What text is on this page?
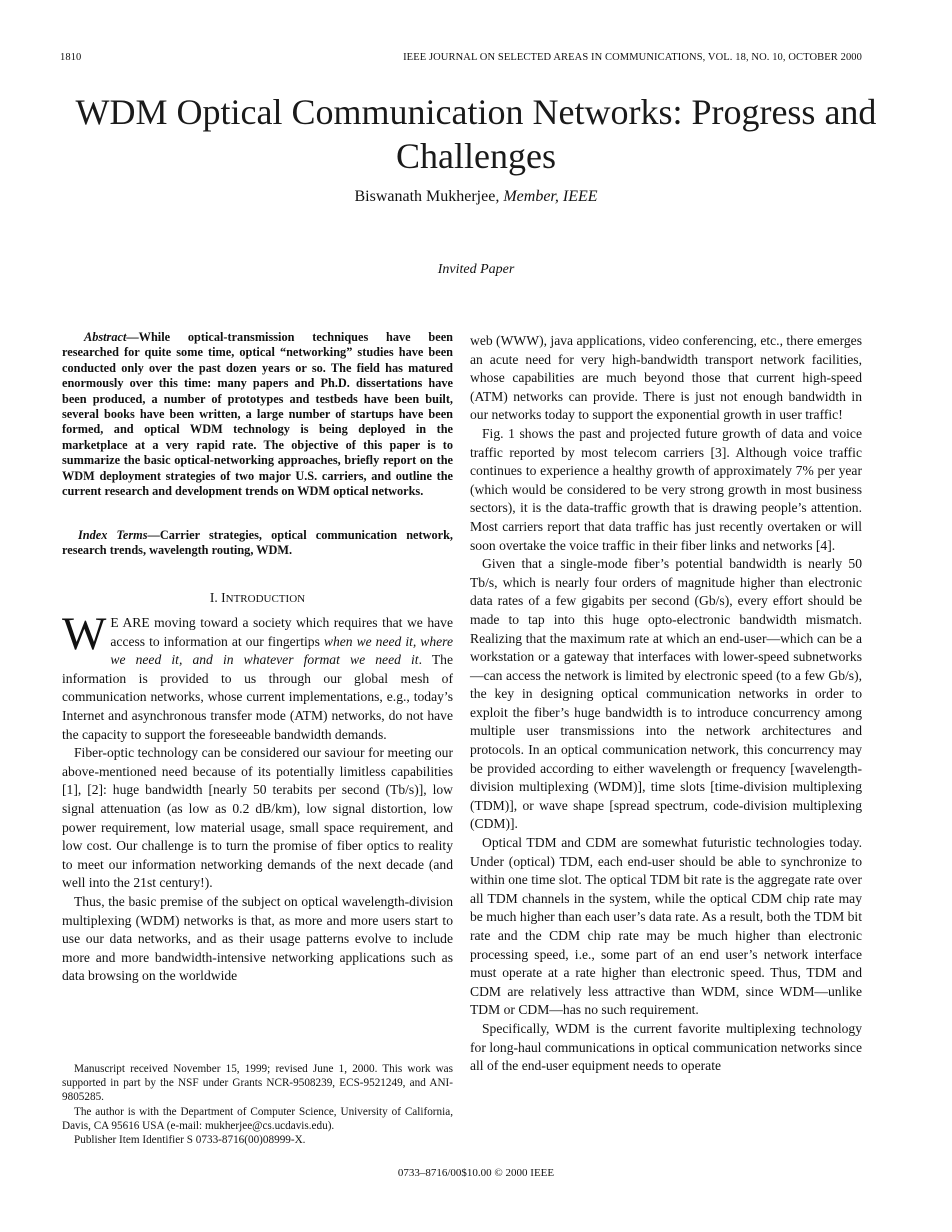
1810	IEEE JOURNAL ON SELECTED AREAS IN COMMUNICATIONS, VOL. 18, NO. 10, OCTOBER 2000
WDM Optical Communication Networks: Progress and Challenges
Biswanath Mukherjee, Member, IEEE
Invited Paper
Abstract—While optical-transmission techniques have been researched for quite some time, optical “networking” studies have been conducted only over the past dozen years or so. The field has matured enormously over this time: many papers and Ph.D. dissertations have been produced, a number of prototypes and testbeds have been built, several books have been written, a large number of startups have been formed, and optical WDM technology is being deployed in the marketplace at a very rapid rate. The objective of this paper is to summarize the basic optical-networking approaches, briefly report on the WDM deployment strategies of two major U.S. carriers, and outline the current research and development trends on WDM optical networks.
Index Terms—Carrier strategies, optical communication network, research trends, wavelength routing, WDM.
I. INTRODUCTION

W E ARE moving toward a society which requires that we have access to information at our fingertips when we need it, where we need it, and in whatever format we need it. The information is provided to us through our global mesh of communication networks, whose current implementations, e.g., today’s Internet and asynchronous transfer mode (ATM) networks, do not have the capacity to support the foreseeable bandwidth demands.

Fiber-optic technology can be considered our saviour for meeting our above-mentioned need because of its potentially limitless capabilities [1], [2]: huge bandwidth [nearly 50 terabits per second (Tb/s)], low signal attenuation (as low as 0.2 dB/km), low signal distortion, low power requirement, low material usage, small space requirement, and low cost. Our challenge is to turn the promise of fiber optics to reality to meet our information networking demands of the next decade (and well into the 21st century!).

Thus, the basic premise of the subject on optical wavelength-division multiplexing (WDM) networks is that, as more and more users start to use our data networks, and as their usage patterns evolve to include more and more bandwidth-intensive networking applications such as data browsing on the worldwide

Manuscript received November 15, 1999; revised June 1, 2000. This work was supported in part by the NSF under Grants NCR-9508239, ECS-9521249, and ANI-9805285.

The author is with the Department of Computer Science, University of California, Davis, CA 95616 USA (e-mail: mukherjee@cs.ucdavis.edu).

Publisher Item Identifier S 0733-8716(00)08999-X.

web (WWW), java applications, video conferencing, etc., there emerges an acute need for very high-bandwidth transport network facilities, whose capabilities are much beyond those that current high-speed (ATM) networks can provide. There is just not enough bandwidth in our networks today to support the exponential growth in user traffic!

Fig. 1 shows the past and projected future growth of data and voice traffic reported by most telecom carriers [3]. Although voice traffic continues to experience a healthy growth of approximately 7% per year (which would be considered to be very strong growth in most business sectors), it is the data-traffic growth that is drawing people’s attention. Most carriers report that data traffic has just recently overtaken or will soon overtake the voice traffic in their fiber links and networks [4].

Given that a single-mode fiber’s potential bandwidth is nearly 50 Tb/s, which is nearly four orders of magnitude higher than electronic data rates of a few gigabits per second (Gb/s), every effort should be made to tap into this huge opto-electronic bandwidth mismatch. Realizing that the maximum rate at which an end-user—which can be a workstation or a gateway that interfaces with lower-speed subnetworks—can access the network is limited by electronic speed (to a few Gb/s), the key in designing optical communication networks in order to exploit the fiber’s huge bandwidth is to introduce concurrency among multiple user transmissions into the network architectures and protocols. In an optical communication network, this concurrency may be provided according to either wavelength or frequency [wavelength-division multiplexing (WDM)], time slots [time-division multiplexing (TDM)], or wave shape [spread spectrum, code-division multiplexing (CDM)].

Optical TDM and CDM are somewhat futuristic technologies today. Under (optical) TDM, each end-user should be able to synchronize to within one time slot. The optical TDM bit rate is the aggregate rate over all TDM channels in the system, while the optical CDM chip rate may be much higher than each user’s data rate. As a result, both the TDM bit rate and the CDM chip rate may be much higher than electronic processing speed, i.e., some part of an end user’s network interface must operate at a rate higher than electronic speed. Thus, TDM and CDM are relatively less attractive than WDM, since WDM—unlike TDM or CDM—has no such requirement.

Specifically, WDM is the current favorite multiplexing technology for long-haul communications in optical communication networks since all of the end-user equipment needs to operate

0733–8716/00$10.00 © 2000 IEEE
